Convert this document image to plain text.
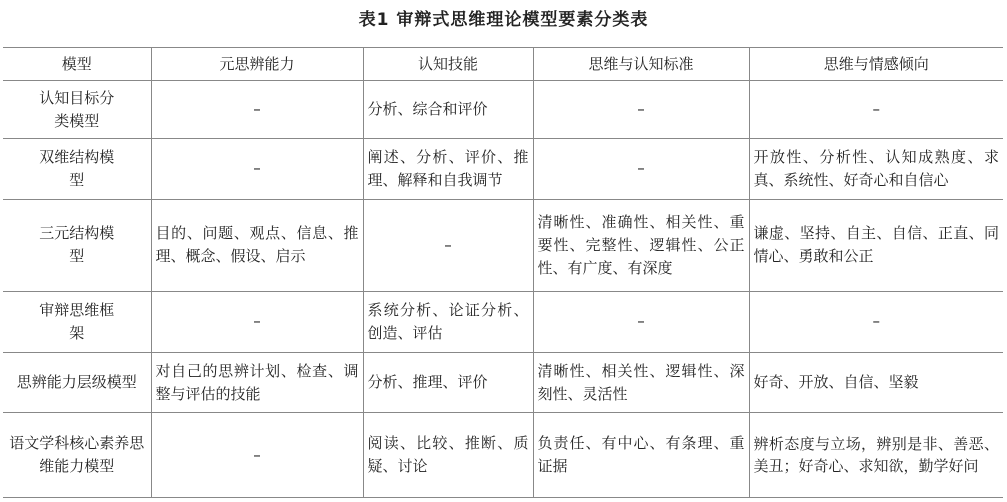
表1 审辩式思维理论模型要素分类表
模型	元思辨能力	认知技能	思维与认知标准	思维与情感倾向
认知目标分类模型	–	分析、综合和评价	–	–
双维结构模型	–	阐述、分析、评价、推理、解释和自我调节	–	开放性、分析性、认知成熟度、求真、系统性、好奇心和自信心
三元结构模型	目的、问题、观点、信息、推理、概念、假设、启示	–	清晰性、准确性、相关性、重要性、完整性、逻辑性、公正性、有广度、有深度	谦虚、坚持、自主、自信、正直、同情心、勇敢和公正
审辩思维框架	–	系统分析、论证分析、创造、评估	–	–
思辨能力层级模型	对自己的思辨计划、检查、调整与评估的技能	分析、推理、评价	清晰性、相关性、逻辑性、深刻性、灵活性	好奇、开放、自信、坚毅
语文学科核心素养思维能力模型	–	阅读、比较、推断、质疑、讨论	负责任、有中心、有条理、重证据	辨析态度与立场，辨别是非、善恶、美丑；好奇心、求知欲，勤学好问
